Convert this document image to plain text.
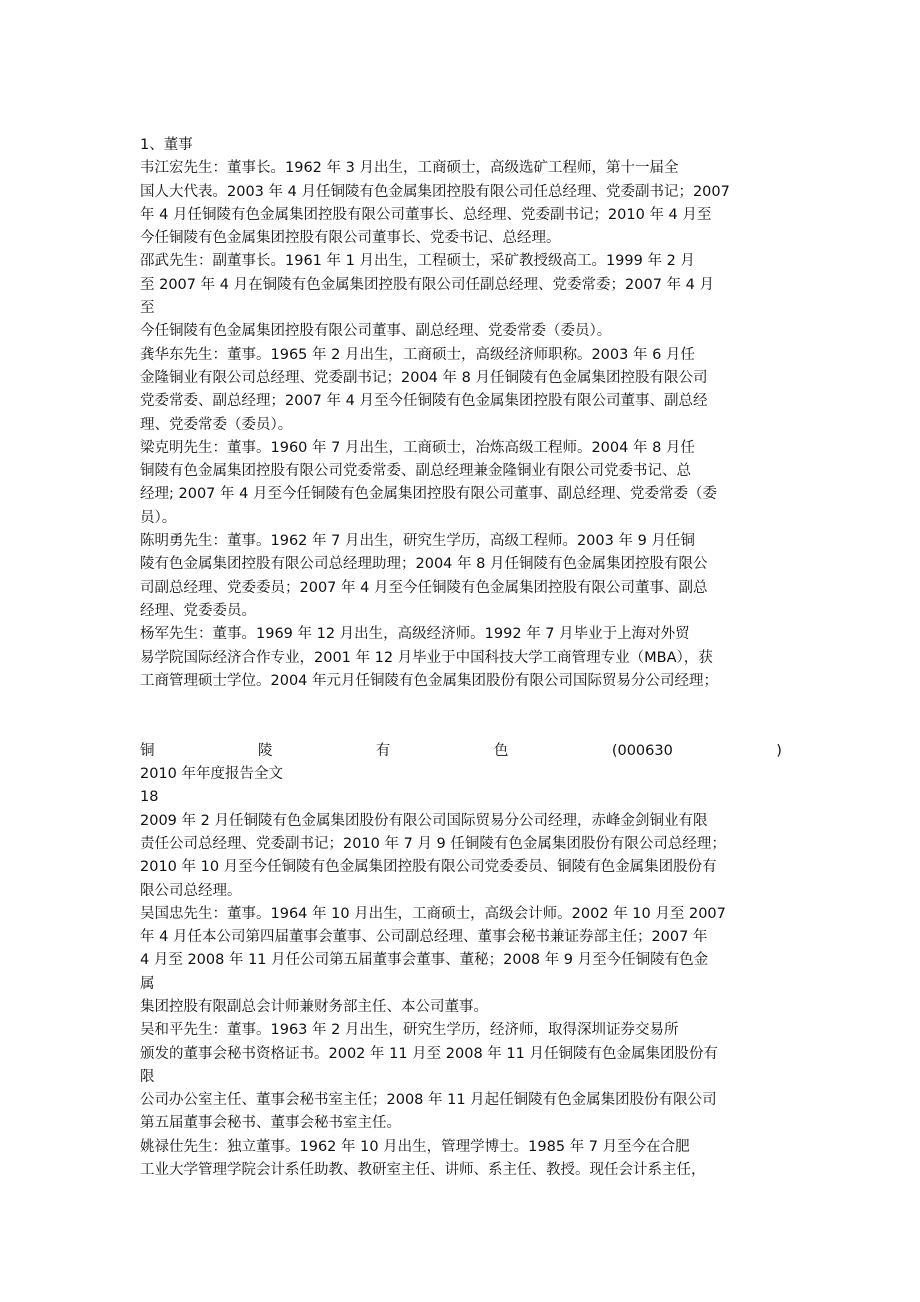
1、董事
韦江宏先生：董事长。1962 年 3 月出生，工商硕士，高级选矿工程师，第十一届全
国人大代表。2003 年 4 月任铜陵有色金属集团控股有限公司任总经理、党委副书记；2007
年 4 月任铜陵有色金属集团控股有限公司董事长、总经理、党委副书记；2010 年 4 月至
今任铜陵有色金属集团控股有限公司董事长、党委书记、总经理。
邵武先生：副董事长。1961 年 1 月出生，工程硕士，采矿教授级高工。1999 年 2 月
至 2007 年 4 月在铜陵有色金属集团控股有限公司任副总经理、党委常委；2007 年 4 月
至
今任铜陵有色金属集团控股有限公司董事、副总经理、党委常委（委员）。
龚华东先生：董事。1965 年 2 月出生，工商硕士，高级经济师职称。2003 年 6 月任
金隆铜业有限公司总经理、党委副书记；2004 年 8 月任铜陵有色金属集团控股有限公司
党委常委、副总经理；2007 年 4 月至今任铜陵有色金属集团控股有限公司董事、副总经
理、党委常委（委员）。
梁克明先生：董事。1960 年 7 月出生，工商硕士，冶炼高级工程师。2004 年 8 月任
铜陵有色金属集团控股有限公司党委常委、副总经理兼金隆铜业有限公司党委书记、总
经理; 2007 年 4 月至今任铜陵有色金属集团控股有限公司董事、副总经理、党委常委（委
员）。
陈明勇先生：董事。1962 年 7 月出生，研究生学历，高级工程师。2003 年 9 月任铜
陵有色金属集团控股有限公司总经理助理；2004 年 8 月任铜陵有色金属集团控股有限公
司副总经理、党委委员；2007 年 4 月至今任铜陵有色金属集团控股有限公司董事、副总
经理、党委委员。
杨军先生：董事。1969 年 12 月出生，高级经济师。1992 年 7 月毕业于上海对外贸
易学院国际经济合作专业，2001 年 12 月毕业于中国科技大学工商管理专业（MBA），获
工商管理硕士学位。2004 年元月任铜陵有色金属集团股份有限公司国际贸易分公司经理；
铜	陵	有	色	(000630	)
2010 年年度报告全文
18
2009 年 2 月任铜陵有色金属集团股份有限公司国际贸易分公司经理，赤峰金剑铜业有限
责任公司总经理、党委副书记；2010 年 7 月 9 任铜陵有色金属集团股份有限公司总经理；
2010 年 10 月至今任铜陵有色金属集团控股有限公司党委委员、铜陵有色金属集团股份有
限公司总经理。
吴国忠先生：董事。1964 年 10 月出生，工商硕士，高级会计师。2002 年 10 月至 2007
年 4 月任本公司第四届董事会董事、公司副总经理、董事会秘书兼证券部主任；2007 年
4 月至 2008 年 11 月任公司第五届董事会董事、董秘；2008 年 9 月至今任铜陵有色金
属
集团控股有限副总会计师兼财务部主任、本公司董事。
吴和平先生：董事。1963 年 2 月出生，研究生学历，经济师，取得深圳证券交易所
颁发的董事会秘书资格证书。2002 年 11 月至 2008 年 11 月任铜陵有色金属集团股份有
限
公司办公室主任、董事会秘书室主任；2008 年 11 月起任铜陵有色金属集团股份有限公司
第五届董事会秘书、董事会秘书室主任。
姚禄仕先生：独立董事。1962 年 10 月出生，管理学博士。1985 年 7 月至今在合肥
工业大学管理学院会计系任助教、教研室主任、讲师、系主任、教授。现任会计系主任，
